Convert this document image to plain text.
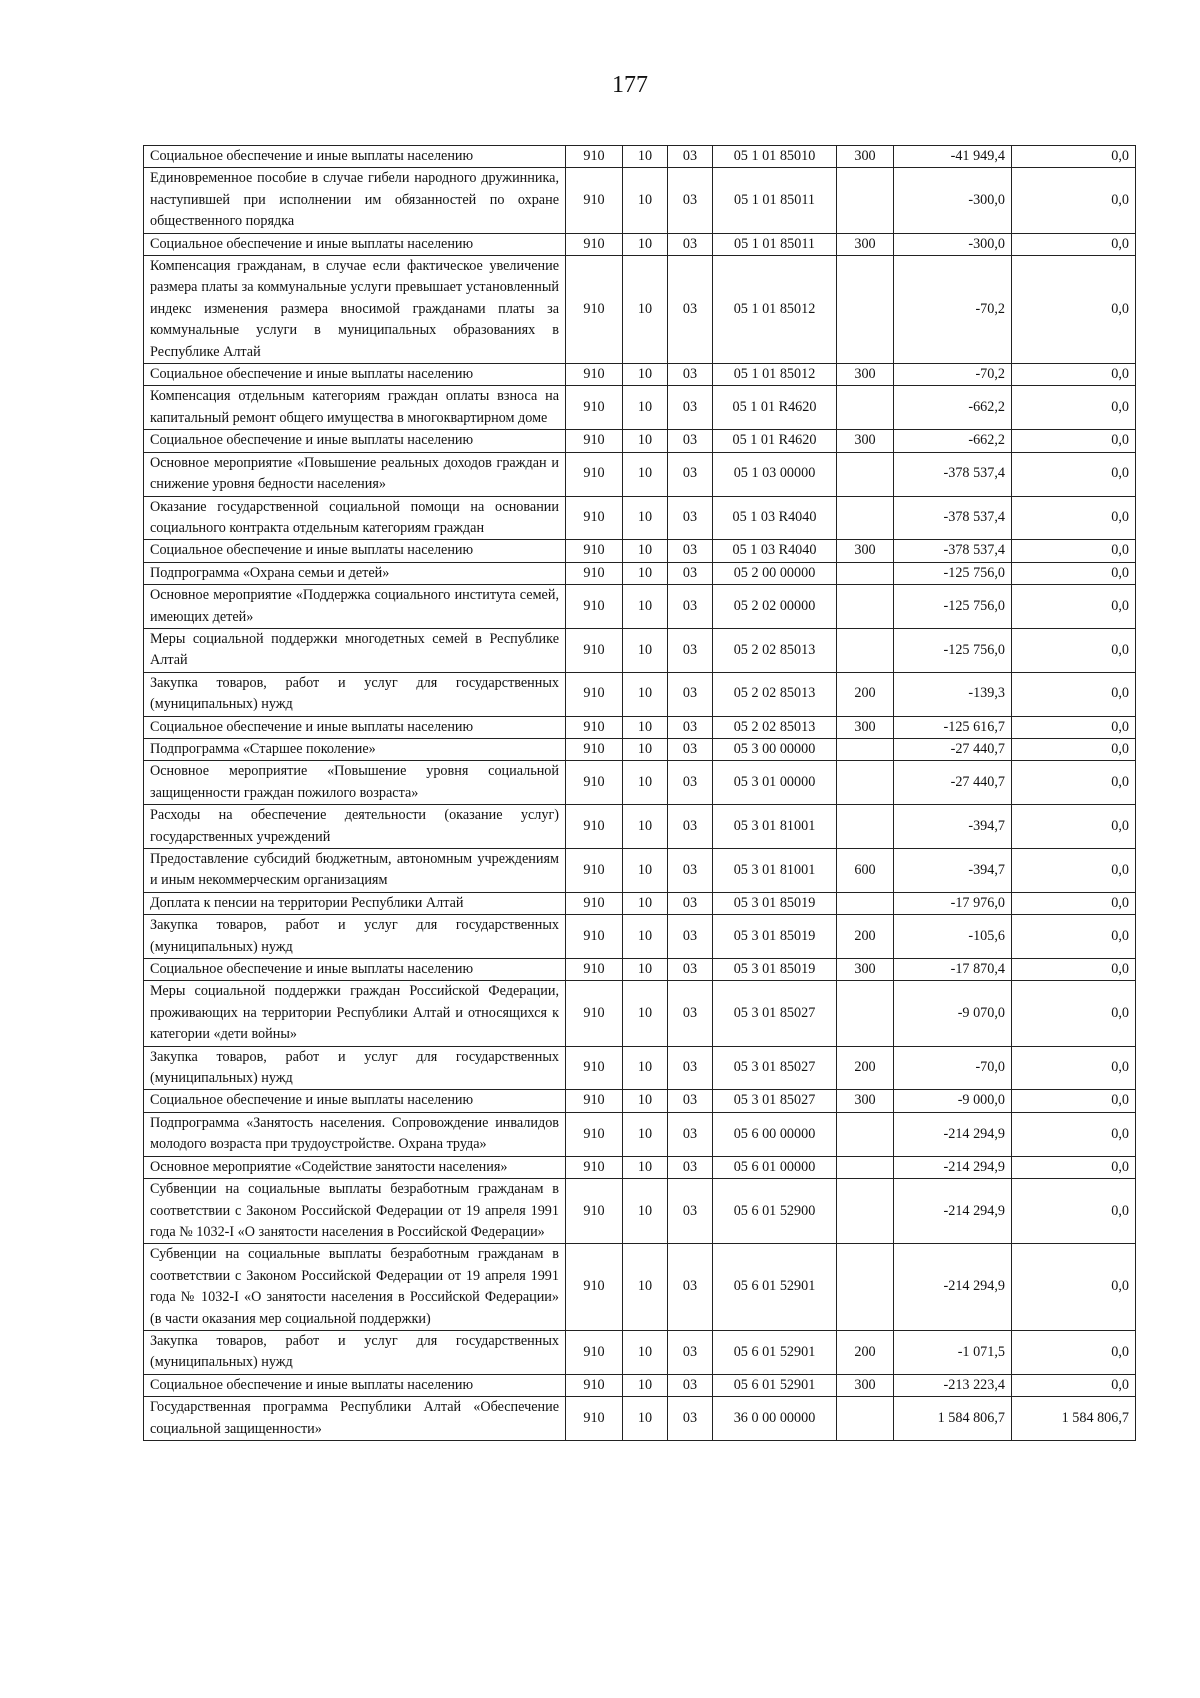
177
Социальное обеспечение и иные выплаты населению	910	10	03	05 1 01 85010	300	-41 949,4	0,0
Единовременное пособие в случае гибели народного дружинника, наступившей при исполнении им обязанностей по охране общественного порядка	910	10	03	05 1 01 85011		-300,0	0,0
Социальное обеспечение и иные выплаты населению	910	10	03	05 1 01 85011	300	-300,0	0,0
Компенсация гражданам, в случае если фактическое увеличение размера платы за коммунальные услуги превышает установленный индекс изменения размера вносимой гражданами платы за коммунальные услуги в муниципальных образованиях в Республике Алтай	910	10	03	05 1 01 85012		-70,2	0,0
Социальное обеспечение и иные выплаты населению	910	10	03	05 1 01 85012	300	-70,2	0,0
Компенсация отдельным категориям граждан оплаты взноса на капитальный ремонт общего имущества в многоквартирном доме	910	10	03	05 1 01 R4620		-662,2	0,0
Социальное обеспечение и иные выплаты населению	910	10	03	05 1 01 R4620	300	-662,2	0,0
Основное мероприятие «Повышение реальных доходов граждан и снижение уровня бедности населения»	910	10	03	05 1 03 00000		-378 537,4	0,0
Оказание государственной социальной помощи на основании социального контракта отдельным категориям граждан	910	10	03	05 1 03 R4040		-378 537,4	0,0
Социальное обеспечение и иные выплаты населению	910	10	03	05 1 03 R4040	300	-378 537,4	0,0
Подпрограмма «Охрана семьи и детей»	910	10	03	05 2 00 00000		-125 756,0	0,0
Основное мероприятие «Поддержка социального института семей, имеющих детей»	910	10	03	05 2 02 00000		-125 756,0	0,0
Меры социальной поддержки многодетных семей в Республике Алтай	910	10	03	05 2 02 85013		-125 756,0	0,0
Закупка товаров, работ и услуг для государственных (муниципальных) нужд	910	10	03	05 2 02 85013	200	-139,3	0,0
Социальное обеспечение и иные выплаты населению	910	10	03	05 2 02 85013	300	-125 616,7	0,0
Подпрограмма «Старшее поколение»	910	10	03	05 3 00 00000		-27 440,7	0,0
Основное мероприятие «Повышение уровня социальной защищенности граждан пожилого возраста»	910	10	03	05 3 01 00000		-27 440,7	0,0
Расходы на обеспечение деятельности (оказание услуг) государственных учреждений	910	10	03	05 3 01 81001		-394,7	0,0
Предоставление субсидий бюджетным, автономным учреждениям и иным некоммерческим организациям	910	10	03	05 3 01 81001	600	-394,7	0,0
Доплата к пенсии на территории Республики Алтай	910	10	03	05 3 01 85019		-17 976,0	0,0
Закупка товаров, работ и услуг для государственных (муниципальных) нужд	910	10	03	05 3 01 85019	200	-105,6	0,0
Социальное обеспечение и иные выплаты населению	910	10	03	05 3 01 85019	300	-17 870,4	0,0
Меры социальной поддержки граждан Российской Федерации, проживающих на территории Республики Алтай и относящихся к категории «дети войны»	910	10	03	05 3 01 85027		-9 070,0	0,0
Закупка товаров, работ и услуг для государственных (муниципальных) нужд	910	10	03	05 3 01 85027	200	-70,0	0,0
Социальное обеспечение и иные выплаты населению	910	10	03	05 3 01 85027	300	-9 000,0	0,0
Подпрограмма «Занятость населения. Сопровождение инвалидов молодого возраста при трудоустройстве. Охрана труда»	910	10	03	05 6 00 00000		-214 294,9	0,0
Основное мероприятие «Содействие занятости населения»	910	10	03	05 6 01 00000		-214 294,9	0,0
Субвенции на социальные выплаты безработным гражданам в соответствии с Законом Российской Федерации от 19 апреля 1991 года № 1032-I «О занятости населения в Российской Федерации»	910	10	03	05 6 01 52900		-214 294,9	0,0
Субвенции на социальные выплаты безработным гражданам в соответствии с Законом Российской Федерации от 19 апреля 1991 года № 1032-I «О занятости населения в Российской Федерации» (в части оказания мер социальной поддержки)	910	10	03	05 6 01 52901		-214 294,9	0,0
Закупка товаров, работ и услуг для государственных (муниципальных) нужд	910	10	03	05 6 01 52901	200	-1 071,5	0,0
Социальное обеспечение и иные выплаты населению	910	10	03	05 6 01 52901	300	-213 223,4	0,0
Государственная программа Республики Алтай «Обеспечение социальной защищенности»	910	10	03	36 0 00 00000		1 584 806,7	1 584 806,7
